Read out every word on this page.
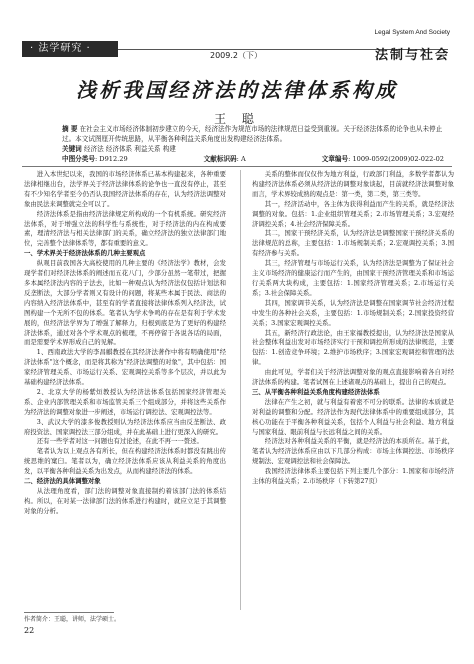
· 法学研究 ·
2009.2（下）
Legal System And Society
法制与社会
浅析我国经济法的法律体系构成
王 聪
摘 要 在社会主义市场经济体制初步建立的今天，经济法作为规范市场的法律规范日益受到重视。关于经济法体系的论争也从未停止过。本文试图厘开传统思路，从平衡各种利益关系角度出发构建经济法体系。
关键词 经济法 经济体系 利益关系 构建
中图分类号: D912.29	文献标识码: A	文章编号: 1009-0592(2009)02-022-02

进入本世纪以来，我国的市场经济体系已基本构建起来，各种重要法律相继出台，法学界关于经济法律体系的论争也一直没有停止，甚至有不少知名学者至今仍否认我国经济法体系的存在，认为经济法调整对象由民法来调整就完全可以了。

经济法体系是指由经济法律规定所构成的一个有机系统。研究经济法体系，对于增强立法的科学性与系统性，对于经济法的内在构成要素，理清经济法与相关法律部门的关系，确立经济法的独立法律部门地位，完善整个法律体系等，都有重要的意义。

一、学术界关于经济法体系的几种主要观点

纵观目前我国各大高校使用的几种主要的《经济法学》教材，会发现学者们对经济法体系的阐述而五花八门，少部分虽然一笔带过，把握多本属经济法内容的子法去，比如一种观点认为经济法仅包括计划法和反垄断法，大部分学者则又有设计的问题，将某些本属于民法、商法的内容纳入经济法体系中，甚至有的学者直接将法律体系列入经济法，试图构建一个无所不包的体系。笔者认为学术争鸣的存在是有利于学术发展的，但经济法学界为了增强了解释力，归根到底是为了更好的构建经济法体系，通过对各个学术观点的梳理，不再停留于各说各话的局面，而是需要学术界形成自己的见解。

1、西南政法大学的李昌麒教授在其经济法著作中将有明确使用"经济法体系"这个概念，而是将其称为"经济法调整的对象"，其中包括：国家经济管理关系、市场运行关系、宏观调控关系等多个层次，并以此为基础构建经济法体系。

2、北京大学的杨紫烜教授认为经济法体系包括国家经济管理关系、企业内部管理关系和市场监管关系三个组成部分，并将这些关系作为经济法的调整对象进一步阐述，市场运行调控法、宏观调控法等。

3、武汉大学的漆多俊教授则认为经济法体系应当由反垄断法、政府投资法、国家调控法三部分组成，并在此基础上进行更深入的研究。

还有一些学者对这一问题也有过论述，在此不再一一赘述。

笔者认为以上观点各有所长，但在构建经济法体系时都没有跳出传统思维的窠臼。笔者以为，确立经济法体系应该从利益关系的角度出发，以平衡各种利益关系为出发点，从而构建经济法的体系。

二、经济法的具体调整对象

从法理角度看，部门法的调整对象直接制约着该部门法的体系结构。所以，在对某一法律部门法的体系进行构建时，就应立足于其调整对象的分析。

关系的整体而仅仅作为地方利益，行政部门利益，多数学者都认为构建经济法体系必须从经济法的调整对象谈起，目前就经济法调整对象而言，学术界较成熟的观点是：第一类，第二类，第三类等。

其一，经济活动中，各主体为获得利益而产生的关系，就是经济法调整的对象。包括：1.企业组织管理关系；2.市场管理关系；3.宏观经济调控关系；4.社会经济保障关系。

其二，国家干预经济关系，认为经济法是调整国家干预经济关系的法律规范的总称，主要包括：1.市场规制关系；2.宏观调控关系；3.国有经济参与关系。

其三，经济管理与市场运行关系，认为经济法是调整为了保证社会主义市场经济的健康运行而产生的，由国家干预经济管理关系和市场运行关系两大块构成，主要包括：1.国家经济管理关系；2.市场运行关系；3.社会保障关系。

其四，国家调节关系，认为经济法是调整在国家调节社会经济过程中发生的各种社会关系，主要包括：1.市场规制关系；2.国家投资经营关系；3.国家宏观调控关系。

其五，新经济行政法论，由王家福教授提出，认为经济法是国家从社会整体利益出发对市场经济实行干预和调控所形成的法律规范，主要包括：1.创造竞争环境；2.维护市场秩序；3.国家宏观调控和管理的法律。

由此可见，学者们关于经济法调整对象的观点直接影响着各自对经济法体系的构建。笔者试图在上述诸观点的基础上，提出自己的观点。

三、从平衡各种利益关系角度构建经济法体系

法律在产生之初，就与利益有着密不可分的联系。法律的本质就是对利益的调整和分配。经济法作为现代法律体系中的重要组成部分，其核心功能在于平衡各种利益关系，包括个人利益与社会利益、地方利益与国家利益、眼前利益与长远利益之间的关系。

经济法对各种利益关系的平衡，就是经济法的本质所在。基于此，笔者认为经济法体系应由以下几部分构成：市场主体调控法、市场秩序规制法、宏观调控法和社会保障法。

我国经济法律体系主要包括下列主要几个部分：1.国家和市场经济主体的利益关系；2.市场秩序（下转第27页）

作者简介：王聪，讲师，法学硕士。
22
